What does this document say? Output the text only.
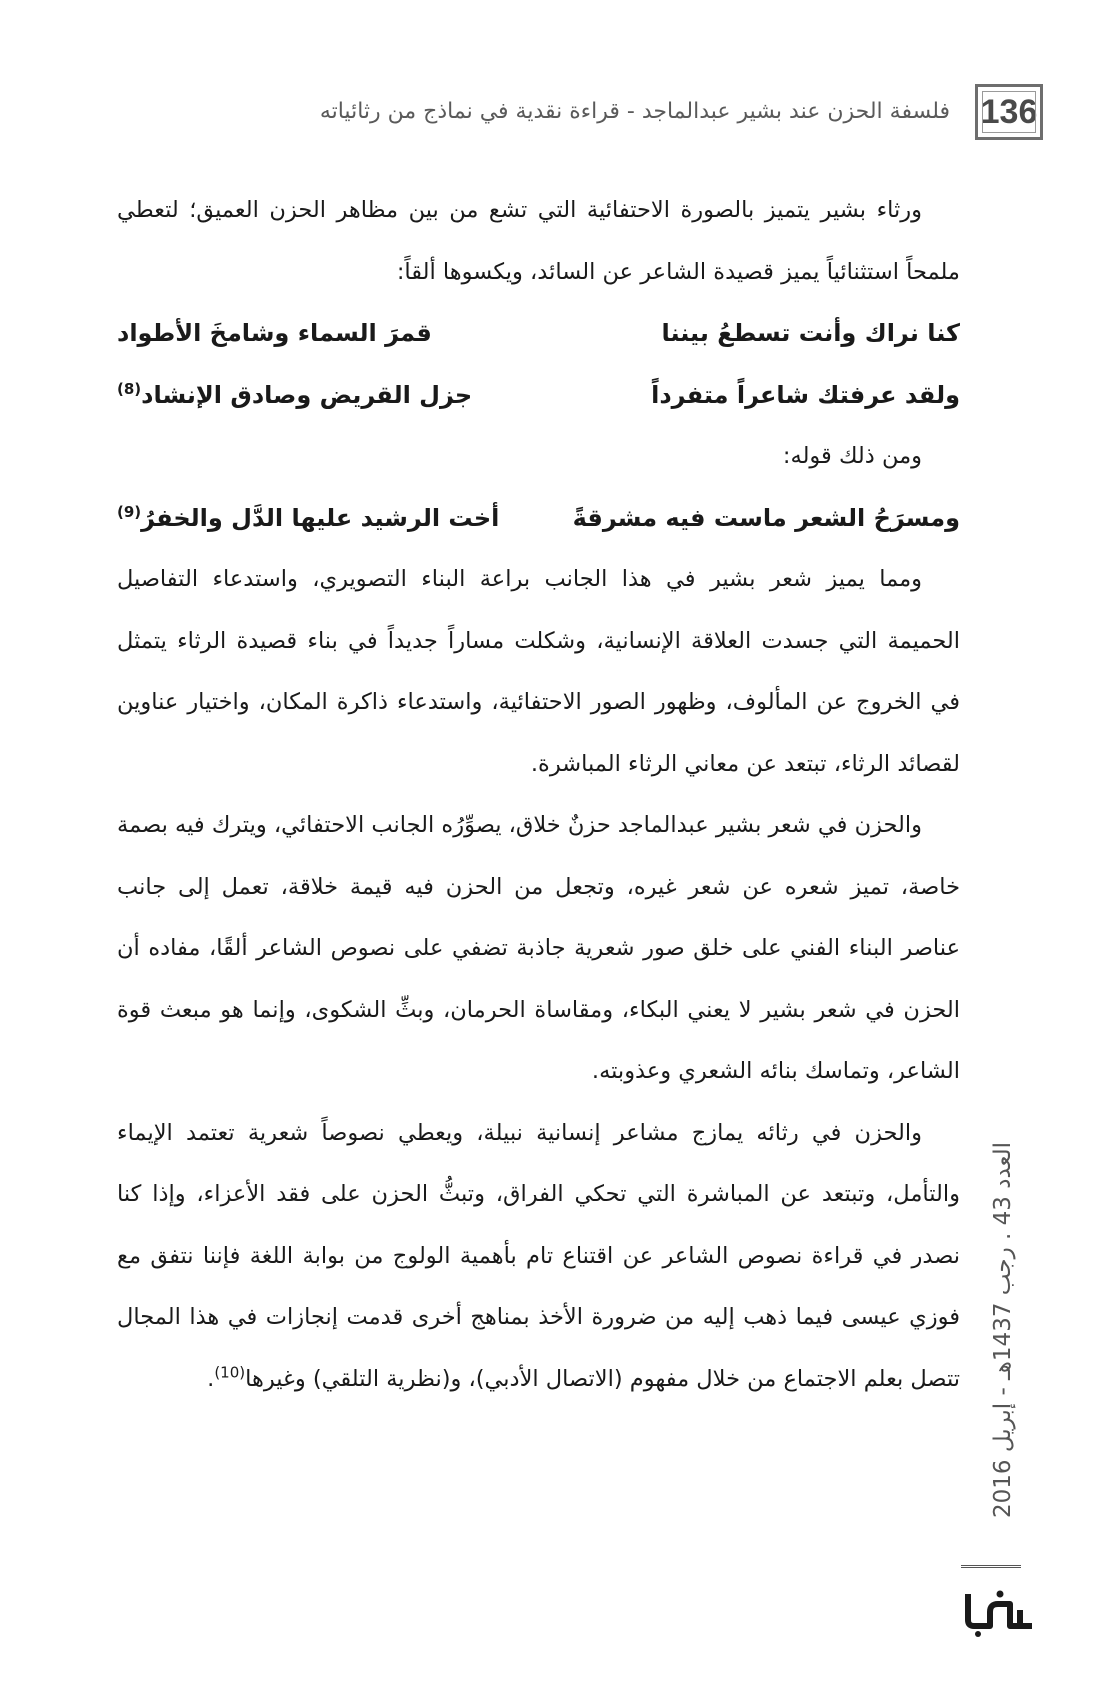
136
فلسفة الحزن عند بشير عبدالماجد - قراءة نقدية في نماذج من رثائياته

ورثاء بشير يتميز بالصورة الاحتفائية التي تشع من بين مظاهر الحزن العميق؛ لتعطي ملمحاً استثنائياً يميز قصيدة الشاعر عن السائد، ويكسوها ألقاً:

كنا نراك وأنت تسطعُ بيننا
قمرَ السماء وشامخَ الأطواد
ولقد عرفتك شاعراً متفرداً
جزل القريض وصادق الإنشاد$^{(8)}$

ومن ذلك قوله:

ومسرَحُ الشعر ماست فيه مشرقةً
أخت الرشيد عليها الدَّل والخفرُ$^{(9)}$

ومما يميز شعر بشير في هذا الجانب براعة البناء التصويري، واستدعاء التفاصيل الحميمة التي جسدت العلاقة الإنسانية، وشكلت مساراً جديداً في بناء قصيدة الرثاء يتمثل في الخروج عن المألوف، وظهور الصور الاحتفائية، واستدعاء ذاكرة المكان، واختيار عناوين لقصائد الرثاء، تبتعد عن معاني الرثاء المباشرة.

والحزن في شعر بشير عبدالماجد حزنٌ خلاق، يصوِّرُه الجانب الاحتفائي، ويترك فيه بصمة خاصة، تميز شعره عن شعر غيره، وتجعل من الحزن فيه قيمة خلاقة، تعمل إلى جانب عناصر البناء الفني على خلق صور شعرية جاذبة تضفي على نصوص الشاعر ألقًا، مفاده أن الحزن في شعر بشير لا يعني البكاء، ومقاساة الحرمان، وبثِّ الشكوى، وإنما هو مبعث قوة الشاعر، وتماسك بنائه الشعري وعذوبته.

والحزن في رثائه يمازج مشاعر إنسانية نبيلة، ويعطي نصوصاً شعرية تعتمد الإيماء والتأمل، وتبتعد عن المباشرة التي تحكي الفراق، وتبثُّ الحزن على فقد الأعزاء، وإذا كنا نصدر في قراءة نصوص الشاعر عن اقتناع تام بأهمية الولوج من بوابة اللغة فإننا نتفق مع فوزي عيسى فيما ذهب إليه من ضرورة الأخذ بمناهج أخرى قدمت إنجازات في هذا المجال تتصل بعلم الاجتماع من خلال مفهوم (الاتصال الأدبي)، و(نظرية التلقي) وغيرها$^{(10)}$.

العدد 43 . رجب 1437هـ - إبريل 2016
